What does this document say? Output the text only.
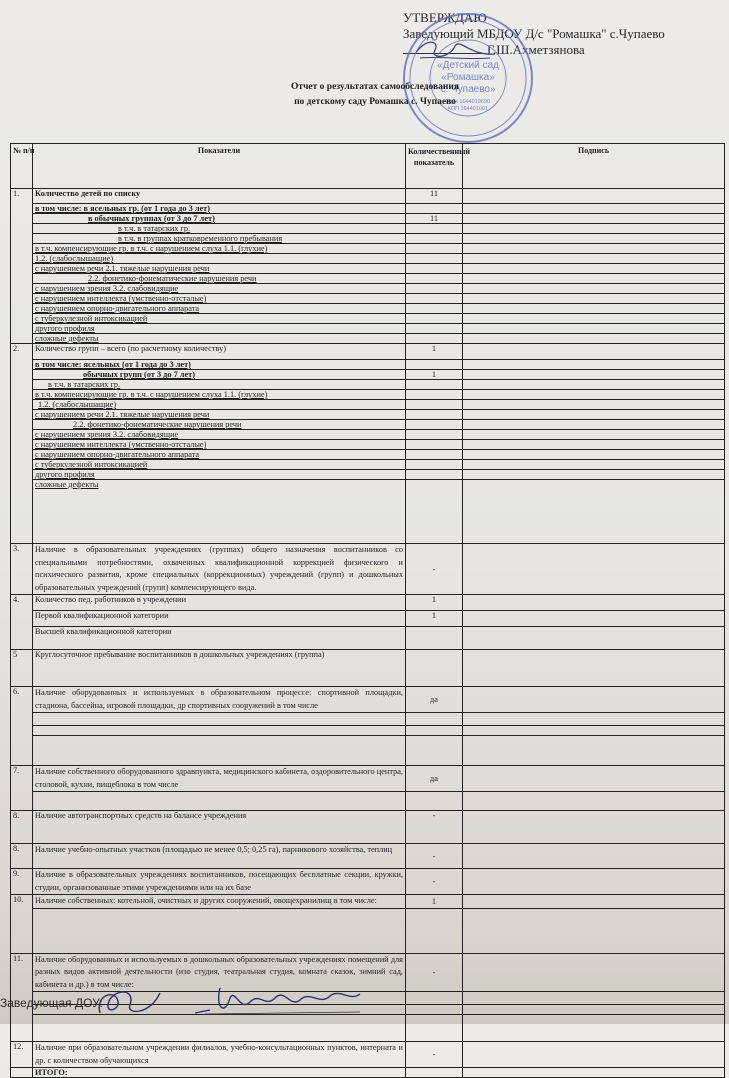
УТВЕРЖДАЮ
Заведующий МБДОУ Д/с "Ромашка" с.Чупаево
Г.Ш.Ахметзянова
«Детский сад
«Ромашка»
с. Чупаево»
ИНН 1644019690
КПП 164401001
Отчет о результатах самообследования
по детскому саду Ромашка с. Чупаево
№ п/п	Показатели	Количественный показатель	Подпись
1.	Количество детей по списку	11	
	в том числе: в ясельных гр. (от 1 года до 3 лет)		
	в обычных группах (от 3 до 7 лет)	11	
	в т.ч. в татарских гр.		
	в т.ч. в группах кратковременного пребывания		
	в т.ч. компенсирующие гр. в т.ч. с нарушением слуха 1.1. (глухие)		
	1.2. (слабослышащие)		
	с нарушением речи 2.1. тяжелые нарушения речи		
	2.2. фонетико-фонематические нарушения речи		
	с нарушением зрения 3.2. слабовидящие		
	с нарушением интеллекта (умственно-отсталые)		
	с нарушением опорно-двигательного аппарата		
	с туберкулезной интоксикацией		
	другого профиля		
	сложные дефекты		
2.	Количество групп – всего (по расчетному количеству)	1	
	в том числе: ясельных (от 1 года до 3 лет)		
	обычных групп (от 3 до 7 лет)	1	
	в т.ч. в татарских гр.		
	в т.ч. компенсирующие гр. в т.ч. с нарушением слуха 1.1. (глухие)		
	1.2. (слабослышащие)		
	с нарушением речи 2.1. тяжелые нарушения речи		
	2.2. фонетико-фонематические нарушения речи		
	с нарушением зрения 3.2. слабовидящие		
	с нарушением интеллекта (умственно-отсталые)		
	с нарушением опорно-двигательного аппарата		
	с туберкулезной интоксикацией		
	другого профиля		
	сложные дефекты		
3.	Наличие в образовательных учреждениях (группах) общего назначения воспитанников со специальными потребностями, охваченных квалификационной коррекцией физического и психического развития, кроме специальных (коррекционных) учреждений (групп) и дошкольных образовательных учреждений (групп) компенсирующего вида.	-	
4.	Количество пед. работников в учреждении	1	
	Первой квалификационной категории	1	
	Высшей квалификационной категории		
5	Круглосуточное пребывание воспитанников в дошкольных учреждениях (группа)		
6.	Наличие оборудованных и используемых в образовательном процессе: спортивной площадки, стадиона, бассейна, игровой площадки, др спортивных сооружений в том числе	да	

7.	Наличие собственного оборудованного здравпункта, медицинского кабинета, оздоровительного центра, столовой, кухни, пищеблока в том числе	да	

8.	Наличие автотранспортных средств на балансе учреждения	-	
8.	Наличие учебно-опытных участков (площадью не менее 0,5; 0,25 га), парникового хозяйства, теплиц	-	
9.	Наличие в образовательных учреждениях воспитанников, посещающих бесплатные секции, кружки, студии, организованные этими учреждениями или на их базе	-	
10.	Наличие собственных: котельной, очистных и других сооружений, овощехранилищ в том числе:	1	

11.	Наличие оборудованных и используемых в дошкольных образовательных учреждениях помещений для разных видов активной деятельности (изо студия, театральная студия, комната сказок, зимний сад, кабинета и др.) в том числе:	-	

12.	Наличие при образовательном учреждении филиалов, учебно-консультационных пунктов, интерната и др. с количеством обучающихся	-	
	ИТОГО:		
Заведующая ДОУ:
